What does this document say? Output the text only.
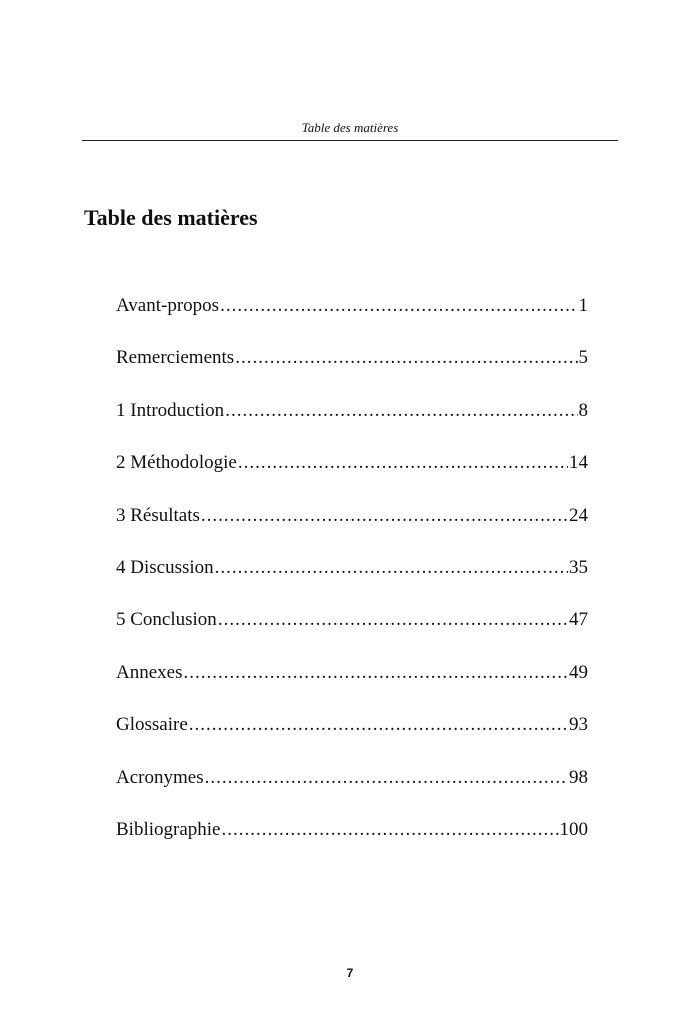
Table des matières
Table des matières
Avant-propos .....	1
Remerciements .....	5
1 Introduction .....	8
2 Méthodologie .....	14
3 Résultats .....	24
4 Discussion .....	35
5 Conclusion .....	47
Annexes .....	49
Glossaire .....	93
Acronymes .....	98
Bibliographie .....	100
7
